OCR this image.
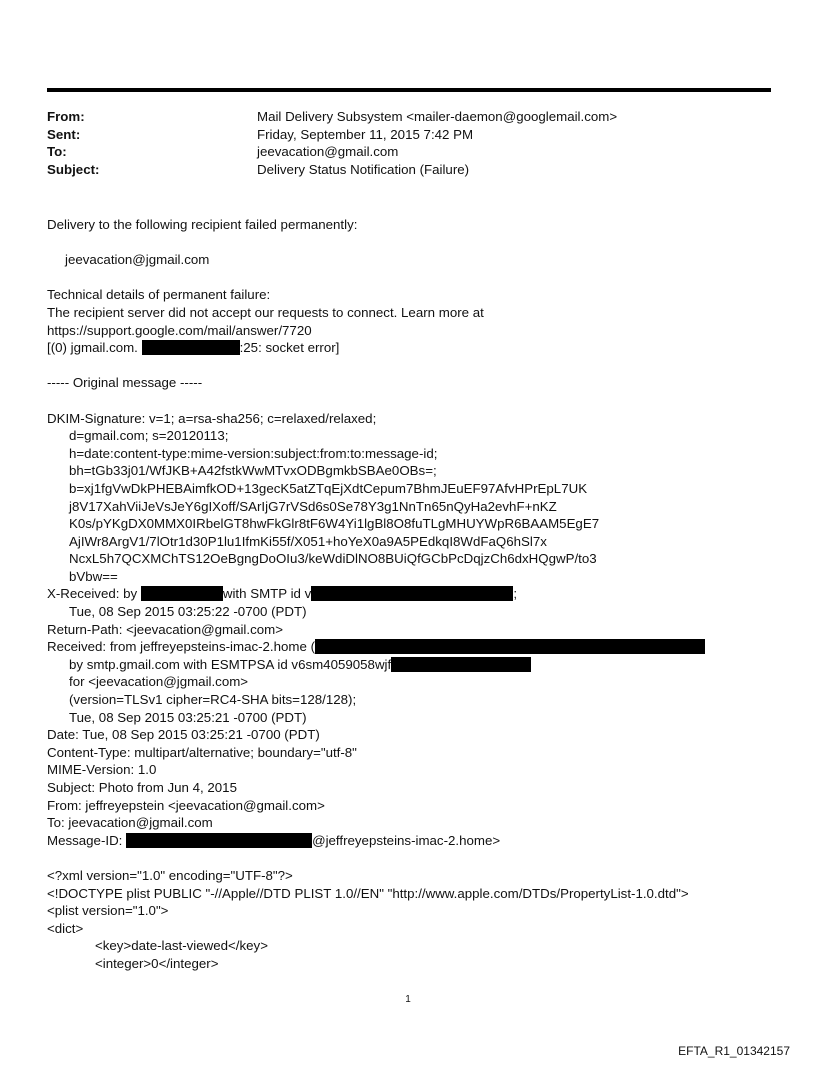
From:	Mail Delivery Subsystem <mailer-daemon@googlemail.com>
Sent:	Friday, September 11, 2015 7:42 PM
To:	jeevacation@gmail.com
Subject:	Delivery Status Notification (Failure)
Delivery to the following recipient failed permanently:
jeevacation@jgmail.com
Technical details of permanent failure:
The recipient server did not accept our requests to connect. Learn more at
https://support.google.com/mail/answer/7720
[(0) jgmail.com.	:25: socket error]
----- Original message -----
DKIM-Signature: v=1; a=rsa-sha256; c=relaxed/relaxed;
d=gmail.com; s=20120113;
h=date:content-type:mime-version:subject:from:to:message-id;
bh=tGb33j01/WfJKB+A42fstkWwMTvxODBgmkbSBAe0OBs=;
b=xj1fgVwDkPHEBAimfkOD+13gecK5atZTqEjXdtCepum7BhmJEuEF97AfvHPrEpL7UK
j8V17XahViiJeVsJeY6gIXoff/SArIjG7rVSd6s0Se78Y3g1NnTn65nQyHa2evhF+nKZ
K0s/pYKgDX0MMX0IRbelGT8hwFkGlr8tF6W4Yi1lgBl8O8fuTLgMHUYWpR6BAAM5EgE7
AjIWr8ArgV1/7lOtr1d30P1lu1IfmKi55f/X051+hoYeX0a9A5PEdkqI8WdFaQ6hSl7x
NcxL5h7QCXMChTS12OeBgngDoOIu3/keWdiDlNO8BUiQfGCbPcDqjzCh6dxHQgwP/to3
bVbw==
X-Received: by	with SMTP id v	;
Tue, 08 Sep 2015 03:25:22 -0700 (PDT)
Return-Path: <jeevacation@gmail.com>
Received: from jeffreyepsteins-imac-2.home (
by smtp.gmail.com with ESMTPSA id v6sm4059058wjf
for <jeevacation@jgmail.com>
(version=TLSv1 cipher=RC4-SHA bits=128/128);
Tue, 08 Sep 2015 03:25:21 -0700 (PDT)
Date: Tue, 08 Sep 2015 03:25:21 -0700 (PDT)
Content-Type: multipart/alternative; boundary="utf-8"
MIME-Version: 1.0
Subject: Photo from Jun 4, 2015
From: jeffreyepstein <jeevacation@gmail.com>
To: jeevacation@jgmail.com
Message-ID:	@jeffreyepsteins-imac-2.home>
<?xml version="1.0" encoding="UTF-8"?>
<!DOCTYPE plist PUBLIC "-//Apple//DTD PLIST 1.0//EN" "http://www.apple.com/DTDs/PropertyList-1.0.dtd">
<plist version="1.0">
<dict>
<key>date-last-viewed</key>
<integer>0</integer>
1
EFTA_R1_01342157
